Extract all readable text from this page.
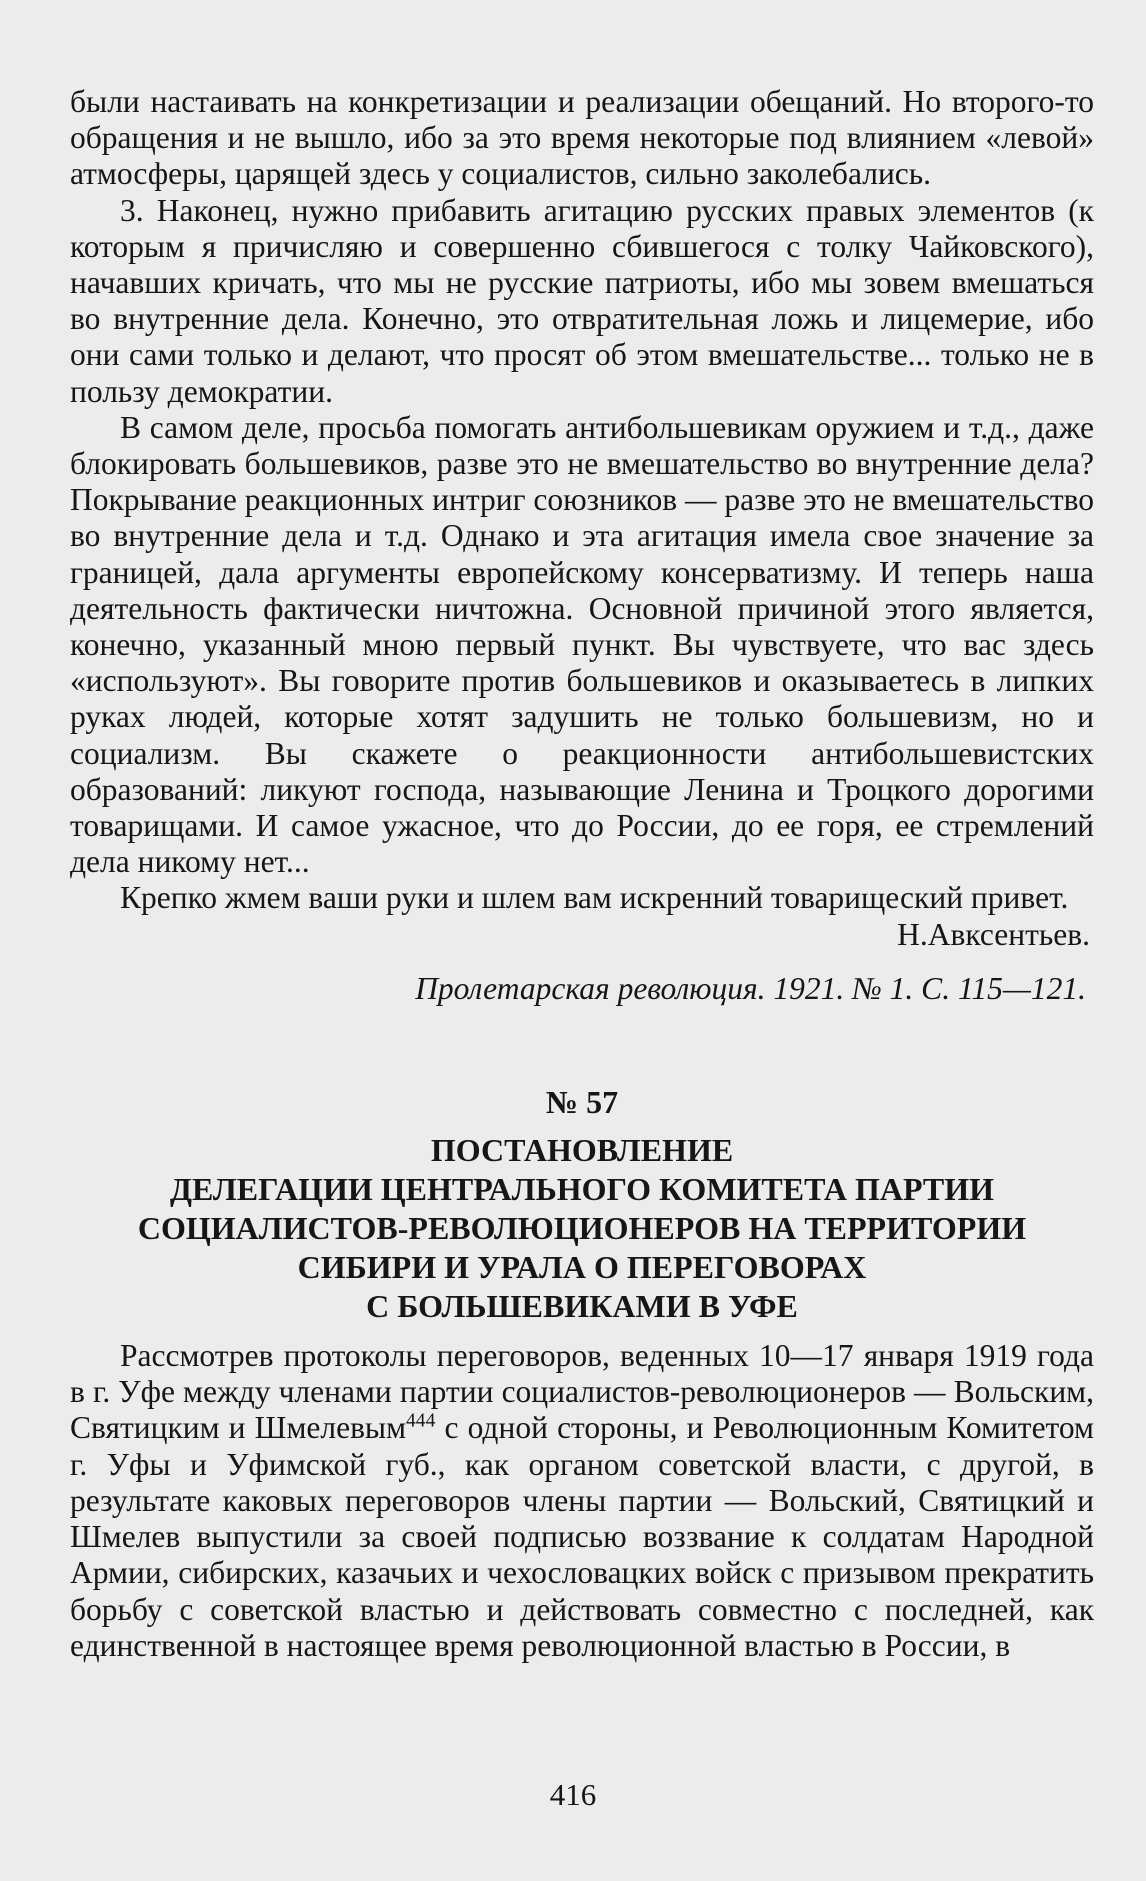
были настаивать на конкретизации и реализации обещаний. Но второго-то обращения и не вышло, ибо за это время некоторые под влиянием «левой» атмосферы, царящей здесь у социалистов, сильно заколебались.

3. Наконец, нужно прибавить агитацию русских правых элементов (к которым я причисляю и совершенно сбившегося с толку Чайковского), начавших кричать, что мы не русские патриоты, ибо мы зовем вмешаться во внутренние дела. Конечно, это отвратительная ложь и лицемерие, ибо они сами только и делают, что просят об этом вмешательстве... только не в пользу демократии.

В самом деле, просьба помогать антибольшевикам оружием и т.д., даже блокировать большевиков, разве это не вмешательство во внутренние дела? Покрывание реакционных интриг союзников — разве это не вмешательство во внутренние дела и т.д. Однако и эта агитация имела свое значение за границей, дала аргументы европейскому консерватизму. И теперь наша деятельность фактически ничтожна. Основной причиной этого является, конечно, указанный мною первый пункт. Вы чувствуете, что вас здесь «используют». Вы говорите против большевиков и оказываетесь в липких руках людей, которые хотят задушить не только большевизм, но и социализм. Вы скажете о реакционности антибольшевистских образований: ликуют господа, называющие Ленина и Троцкого дорогими товарищами. И самое ужасное, что до России, до ее горя, ее стремлений дела никому нет...

Крепко жмем ваши руки и шлем вам искренний товарищеский привет.

Н.Авксентьев.

Пролетарская революция. 1921. № 1. С. 115—121.

№ 57
ПОСТАНОВЛЕНИЕ
ДЕЛЕГАЦИИ ЦЕНТРАЛЬНОГО КОМИТЕТА ПАРТИИ
СОЦИАЛИСТОВ-РЕВОЛЮЦИОНЕРОВ НА ТЕРРИТОРИИ
СИБИРИ И УРАЛА О ПЕРЕГОВОРАХ
С БОЛЬШЕВИКАМИ В УФЕ

Рассмотрев протоколы переговоров, веденных 10—17 января 1919 года в г. Уфе между членами партии социалистов-революционеров — Вольским, Святицким и Шмелевым$^{444}$ с одной стороны, и Революционным Комитетом г. Уфы и Уфимской губ., как органом советской власти, с другой, в результате каковых переговоров члены партии — Вольский, Святицкий и Шмелев выпустили за своей подписью воззвание к солдатам Народной Армии, сибирских, казачьих и чехословацких войск с призывом прекратить борьбу с советской властью и действовать совместно с последней, как единственной в настоящее время революционной властью в России, в

416
